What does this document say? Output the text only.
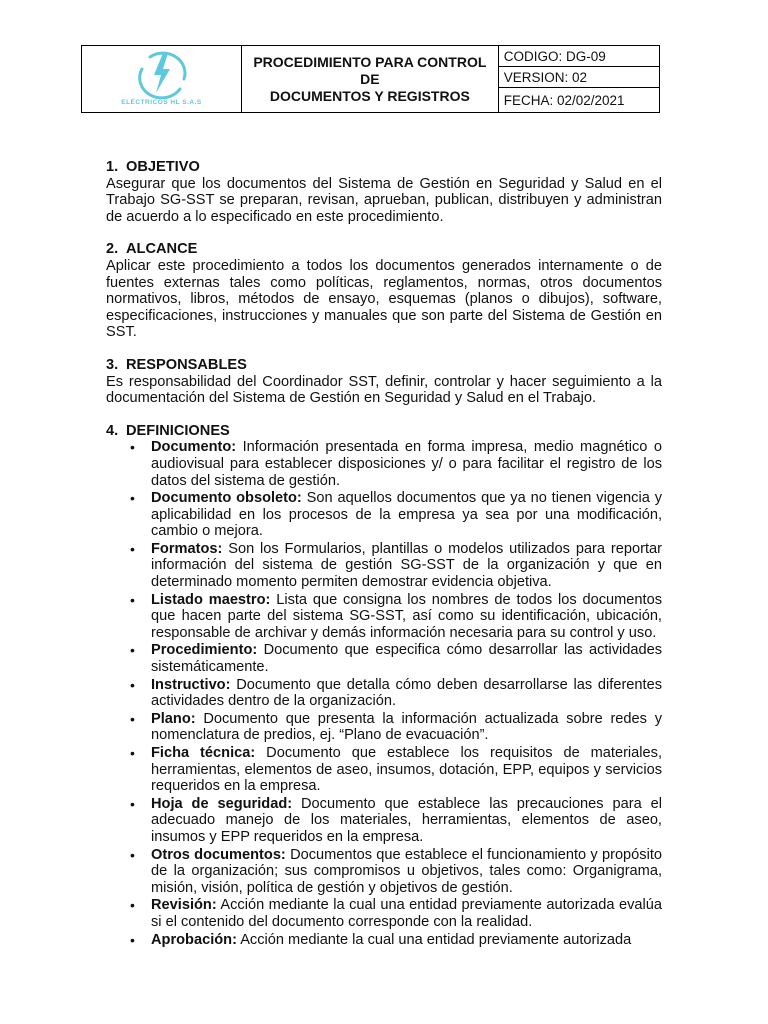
ELÉCTRICOS HL S.A.S
	PROCEDIMIENTO PARA CONTROL DE
DOCUMENTOS Y REGISTROS	CODIGO: DG-09
VERSION: 02
FECHA: 02/02/2021
1. OBJETIVO
Asegurar que los documentos del Sistema de Gestión en Seguridad y Salud en el Trabajo SG-SST se preparan, revisan, aprueban, publican, distribuyen y administran de acuerdo a lo especificado en este procedimiento.
2. ALCANCE
Aplicar este procedimiento a todos los documentos generados internamente o de fuentes externas tales como políticas, reglamentos, normas, otros documentos normativos, libros, métodos de ensayo, esquemas (planos o dibujos), software, especificaciones, instrucciones y manuales que son parte del Sistema de Gestión en SST.
3. RESPONSABLES
Es responsabilidad del Coordinador SST, definir, controlar y hacer seguimiento a la documentación del Sistema de Gestión en Seguridad y Salud en el Trabajo.
4. DEFINICIONES
• Documento: Información presentada en forma impresa, medio magnético o audiovisual para establecer disposiciones y/ o para facilitar el registro de los datos del sistema de gestión.
• Documento obsoleto: Son aquellos documentos que ya no tienen vigencia y aplicabilidad en los procesos de la empresa ya sea por una modificación, cambio o mejora.
• Formatos: Son los Formularios, plantillas o modelos utilizados para reportar información del sistema de gestión SG-SST de la organización y que en determinado momento permiten demostrar evidencia objetiva.
• Listado maestro: Lista que consigna los nombres de todos los documentos que hacen parte del sistema SG-SST, así como su identificación, ubicación, responsable de archivar y demás información necesaria para su control y uso.
• Procedimiento: Documento que especifica cómo desarrollar las actividades sistemáticamente.
• Instructivo: Documento que detalla cómo deben desarrollarse las diferentes actividades dentro de la organización.
• Plano: Documento que presenta la información actualizada sobre redes y nomenclatura de predios, ej. “Plano de evacuación”.
• Ficha técnica: Documento que establece los requisitos de materiales, herramientas, elementos de aseo, insumos, dotación, EPP, equipos y servicios requeridos en la empresa.
• Hoja de seguridad: Documento que establece las precauciones para el adecuado manejo de los materiales, herramientas, elementos de aseo, insumos y EPP requeridos en la empresa.
• Otros documentos: Documentos que establece el funcionamiento y propósito de la organización; sus compromisos u objetivos, tales como: Organigrama, misión, visión, política de gestión y objetivos de gestión.
• Revisión: Acción mediante la cual una entidad previamente autorizada evalúa si el contenido del documento corresponde con la realidad.
• Aprobación: Acción mediante la cual una entidad previamente autorizada
